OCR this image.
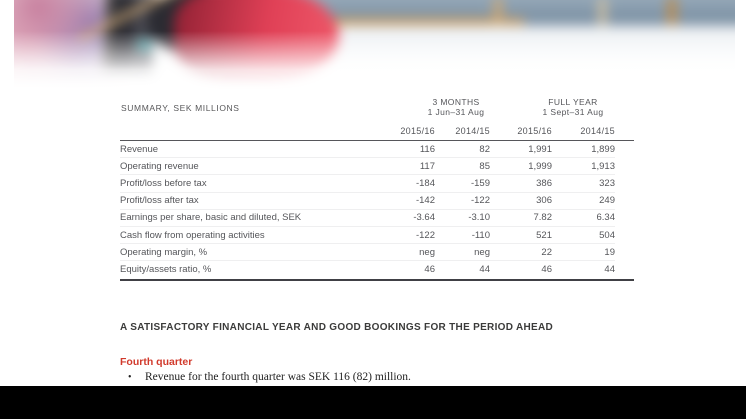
SUMMARY, SEK MILLIONS
3 MONTHS
1 Jun–31 Aug
FULL YEAR
1 Sept–31 Aug
2015/16	2014/15	2015/16	2014/15
Revenue	116	82	1,991	1,899
Operating revenue	117	85	1,999	1,913
Profit/loss before tax	-184	-159	386	323
Profit/loss after tax	-142	-122	306	249
Earnings per share, basic and diluted, SEK	-3.64	-3.10	7.82	6.34
Cash flow from operating activities	-122	-110	521	504
Operating margin, %	neg	neg	22	19
Equity/assets ratio, %	46	44	46	44
A SATISFACTORY FINANCIAL YEAR AND GOOD BOOKINGS FOR THE PERIOD AHEAD
Fourth quarter
•	Revenue for the fourth quarter was SEK 116 (82) million.
